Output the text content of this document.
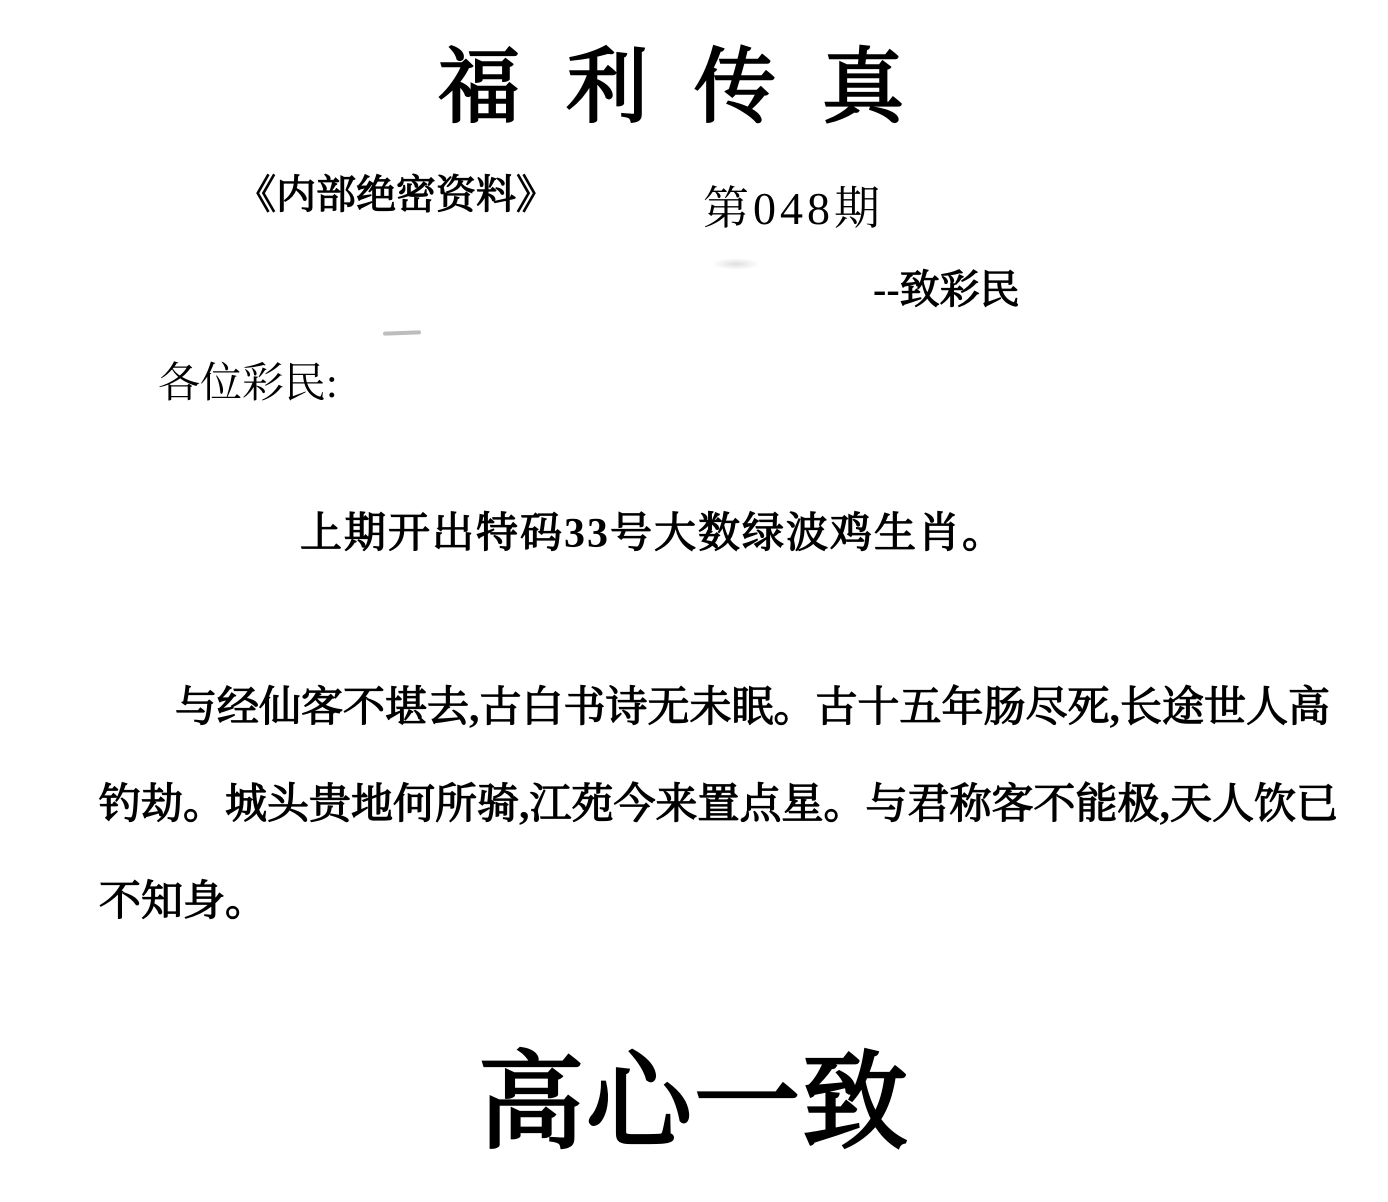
福利传真
《内部绝密资料》	第048期
--致彩民
各位彩民:
上期开出特码33号大数绿波鸡生肖。
与经仙客不堪去,古白书诗无未眠。古十五年肠尽死,长途世人高
钓劫。城头贵地何所骑,江苑今来置点星。与君称客不能极,天人饮已
不知身。
高心一致
